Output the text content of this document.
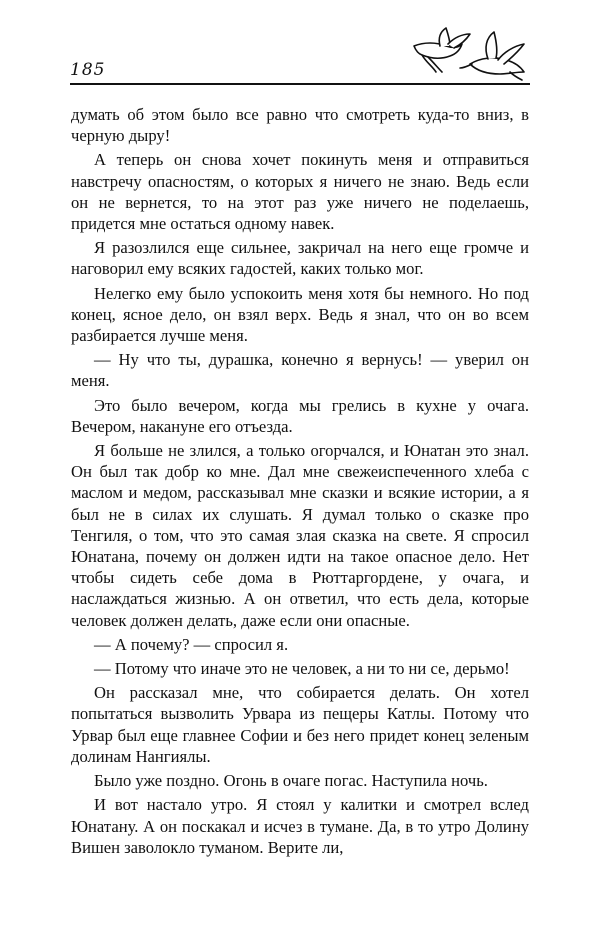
185

думать об этом было все равно что смотреть куда-то вниз, в черную дыру!

А теперь он снова хочет покинуть меня и отправиться навстречу опасностям, о которых я ничего не знаю. Ведь если он не вернется, то на этот раз уже ничего не поделаешь, придется мне остаться одному навек.

Я разозлился еще сильнее, закричал на него еще громче и наговорил ему всяких гадостей, каких только мог.

Нелегко ему было успокоить меня хотя бы немного. Но под конец, ясное дело, он взял верх. Ведь я знал, что он во всем разбирается лучше меня.

— Ну что ты, дурашка, конечно я вернусь! — уверил он меня.

Это было вечером, когда мы грелись в кухне у очага. Вечером, накануне его отъезда.

Я больше не злился, а только огорчался, и Юнатан это знал. Он был так добр ко мне. Дал мне свежеиспеченного хлеба с маслом и медом, рассказывал мне сказки и всякие истории, а я был не в силах их слушать. Я думал только о сказке про Тенгиля, о том, что это самая злая сказка на свете. Я спросил Юнатана, почему он должен идти на такое опасное дело. Нет чтобы сидеть себе дома в Рюттаргордене, у очага, и наслаждаться жизнью. А он ответил, что есть дела, которые человек должен делать, даже если они опасные.

— А почему? — спросил я.

— Потому что иначе это не человек, а ни то ни се, дерьмо!

Он рассказал мне, что собирается делать. Он хотел попытаться вызволить Урвара из пещеры Катлы. Потому что Урвар был еще главнее Софии и без него придет конец зеленым долинам Нангиялы.

Было уже поздно. Огонь в очаге погас. Наступила ночь.

И вот настало утро. Я стоял у калитки и смотрел вслед Юнатану. А он поскакал и исчез в тумане. Да, в то утро Долину Вишен заволокло туманом. Верите ли,
